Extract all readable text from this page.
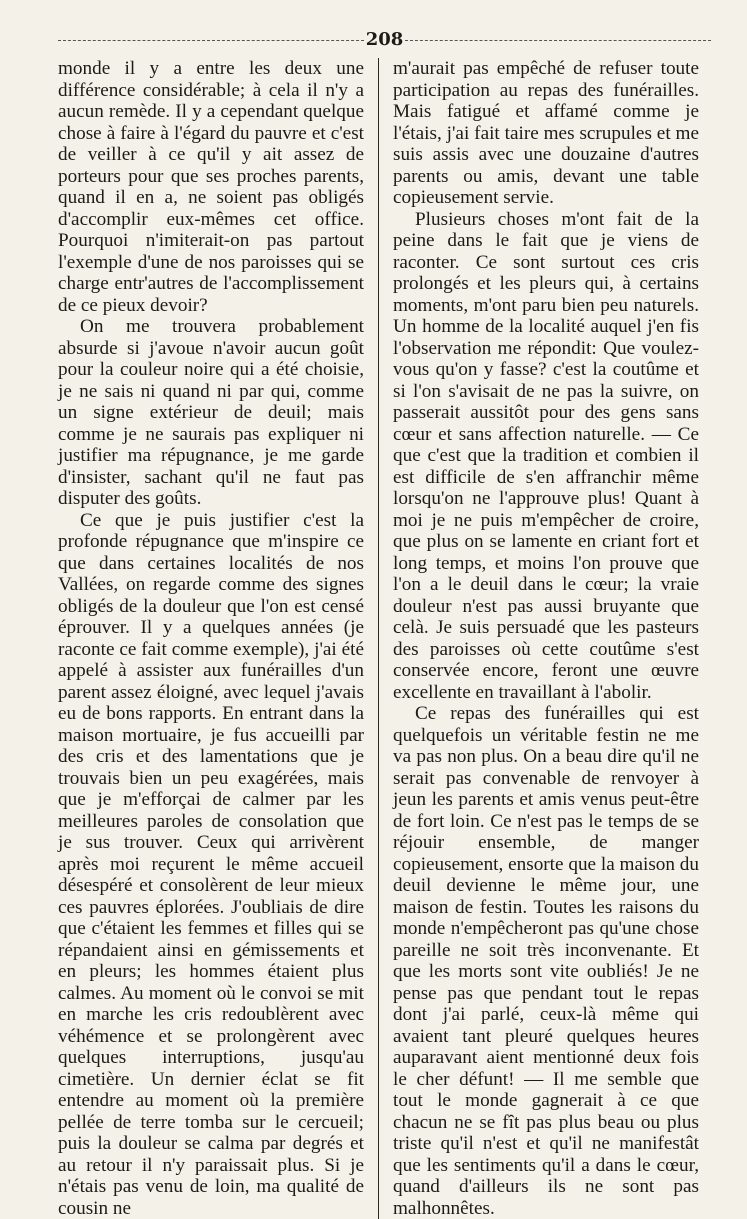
208

monde il y a entre les deux une différence considérable; à cela il n'y a aucun remède. Il y a cependant quelque chose à faire à l'égard du pauvre et c'est de veiller à ce qu'il y ait assez de porteurs pour que ses proches parents, quand il en a, ne soient pas obligés d'accomplir eux-mêmes cet office. Pourquoi n'imiterait-on pas partout l'exemple d'une de nos paroisses qui se charge entr'autres de l'accomplissement de ce pieux devoir?

On me trouvera probablement absurde si j'avoue n'avoir aucun goût pour la couleur noire qui a été choisie, je ne sais ni quand ni par qui, comme un signe extérieur de deuil; mais comme je ne saurais pas expliquer ni justifier ma répugnance, je me garde d'insister, sachant qu'il ne faut pas disputer des goûts.

Ce que je puis justifier c'est la profonde répugnance que m'inspire ce que dans certaines localités de nos Vallées, on regarde comme des signes obligés de la douleur que l'on est censé éprouver. Il y a quelques années (je raconte ce fait comme exemple), j'ai été appelé à assister aux funérailles d'un parent assez éloigné, avec lequel j'avais eu de bons rapports. En entrant dans la maison mortuaire, je fus accueilli par des cris et des lamentations que je trouvais bien un peu exagérées, mais que je m'efforçai de calmer par les meilleures paroles de consolation que je sus trouver. Ceux qui arrivèrent après moi reçurent le même accueil désespéré et consolèrent de leur mieux ces pauvres éplorées. J'oubliais de dire que c'étaient les femmes et filles qui se répandaient ainsi en gémissements et en pleurs; les hommes étaient plus calmes. Au moment où le convoi se mit en marche les cris redoublèrent avec véhémence et se prolongèrent avec quelques interruptions, jusqu'au cimetière. Un dernier éclat se fit entendre au moment où la première pellée de terre tomba sur le cercueil; puis la douleur se calma par degrés et au retour il n'y paraissait plus. Si je n'étais pas venu de loin, ma qualité de cousin ne

m'aurait pas empêché de refuser toute participation au repas des funérailles. Mais fatigué et affamé comme je l'étais, j'ai fait taire mes scrupules et me suis assis avec une douzaine d'autres parents ou amis, devant une table copieusement servie.

Plusieurs choses m'ont fait de la peine dans le fait que je viens de raconter. Ce sont surtout ces cris prolongés et les pleurs qui, à certains moments, m'ont paru bien peu naturels. Un homme de la localité auquel j'en fis l'observation me répondit: Que voulez-vous qu'on y fasse? c'est la coutûme et si l'on s'avisait de ne pas la suivre, on passerait aussitôt pour des gens sans cœur et sans affection naturelle. — Ce que c'est que la tradition et combien il est difficile de s'en affranchir même lorsqu'on ne l'approuve plus! Quant à moi je ne puis m'empêcher de croire, que plus on se lamente en criant fort et long temps, et moins l'on prouve que l'on a le deuil dans le cœur; la vraie douleur n'est pas aussi bruyante que celà. Je suis persuadé que les pasteurs des paroisses où cette coutûme s'est conservée encore, feront une œuvre excellente en travaillant à l'abolir.

Ce repas des funérailles qui est quelquefois un véritable festin ne me va pas non plus. On a beau dire qu'il ne serait pas convenable de renvoyer à jeun les parents et amis venus peut-être de fort loin. Ce n'est pas le temps de se réjouir ensemble, de manger copieusement, ensorte que la maison du deuil devienne le même jour, une maison de festin. Toutes les raisons du monde n'empêcheront pas qu'une chose pareille ne soit très inconvenante. Et que les morts sont vite oubliés! Je ne pense pas que pendant tout le repas dont j'ai parlé, ceux-là même qui avaient tant pleuré quelques heures auparavant aient mentionné deux fois le cher défunt! — Il me semble que tout le monde gagnerait à ce que chacun ne se fît pas plus beau ou plus triste qu'il n'est et qu'il ne manifestât que les sentiments qu'il a dans le cœur, quand d'ailleurs ils ne sont pas malhonnêtes.
